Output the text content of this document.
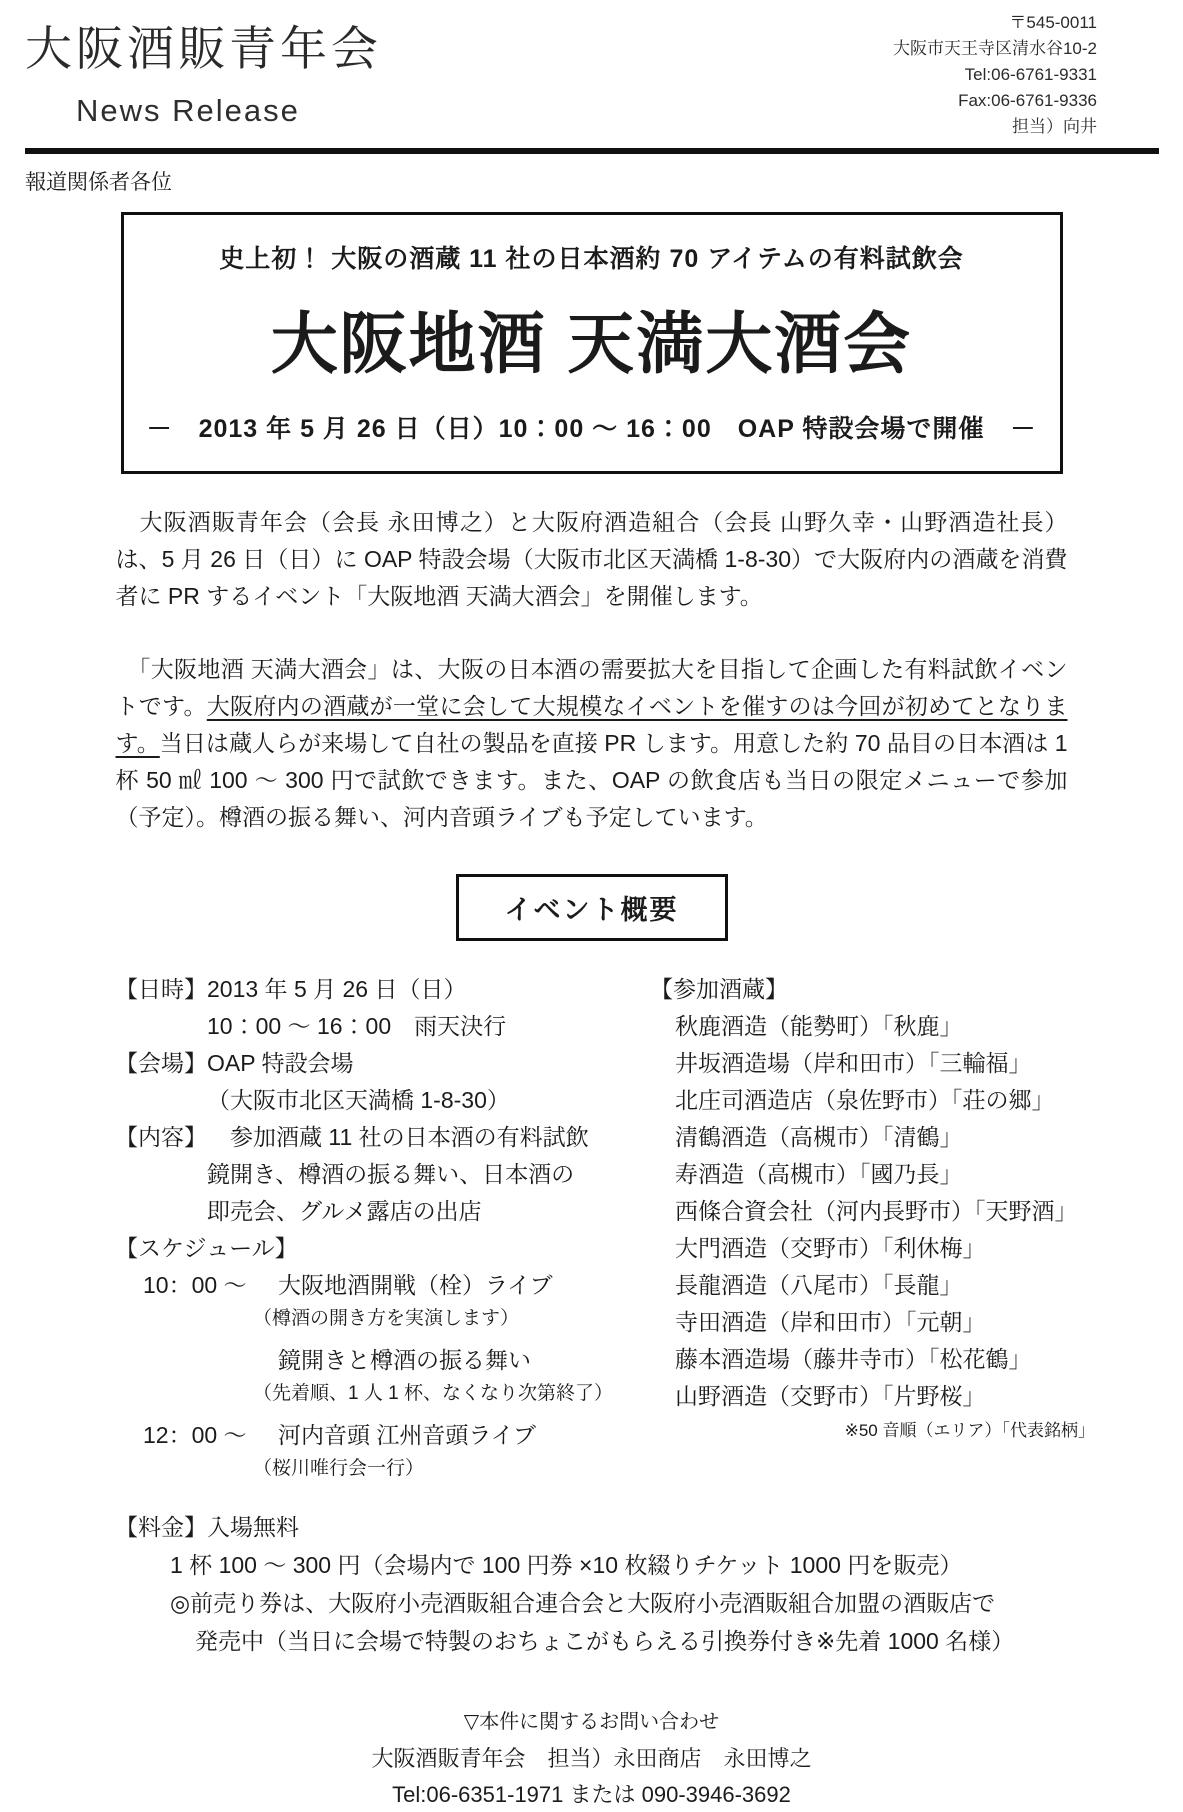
大阪酒販青年会
News Release
〒545-0011
大阪市天王寺区清水谷10-2
Tel:06-6761-9331
Fax:06-6761-9336
担当）向井
報道関係者各位
史上初！ 大阪の酒蔵 11 社の日本酒約 70 アイテムの有料試飲会
大阪地酒 天満大酒会
－　2013 年 5 月 26 日（日）10：00 ～ 16：00　OAP 特設会場で開催　－

　大阪酒販青年会（会長 永田博之）と大阪府酒造組合（会長 山野久幸・山野酒造社長）は、5 月 26 日（日）に OAP 特設会場（大阪市北区天満橋 1-8-30）で大阪府内の酒蔵を消費者に PR するイベント「大阪地酒 天満大酒会」を開催します。

　「大阪地酒 天満大酒会」は、大阪の日本酒の需要拡大を目指して企画した有料試飲イベントです。大阪府内の酒蔵が一堂に会して大規模なイベントを催すのは今回が初めてとなります。当日は蔵人らが来場して自社の製品を直接 PR します。用意した約 70 品目の日本酒は 1 杯 50 ㎖ 100 ～ 300 円で試飲できます。また、OAP の飲食店も当日の限定メニューで参加（予定）。樽酒の振る舞い、河内音頭ライブも予定しています。

イベント概要
【日時】 2013 年 5 月 26 日（日）
10：00 ～ 16：00　雨天決行
【会場】 OAP 特設会場
（大阪市北区天満橋 1-8-30）
【内容】 　参加酒蔵 11 社の日本酒の有料試飲
鏡開き、樽酒の振る舞い、日本酒の
即売会、グルメ露店の出店
【スケジュール】
10：00 ～	大阪地酒開戦（栓）ライブ
（樽酒の開き方を実演します）
鏡開きと樽酒の振る舞い
（先着順、1 人 1 杯、なくなり次第終了）
12：00 ～	河内音頭 江州音頭ライブ
（桜川唯行会一行）
【参加酒蔵】
秋鹿酒造（能勢町）「秋鹿」
井坂酒造場（岸和田市）「三輪福」
北庄司酒造店（泉佐野市）「荘の郷」
清鶴酒造（高槻市）「清鶴」
寿酒造（高槻市）「國乃長」
西條合資会社（河内長野市）「天野酒」
大門酒造（交野市）「利休梅」
長龍酒造（八尾市）「長龍」
寺田酒造（岸和田市）「元朝」
藤本酒造場（藤井寺市）「松花鶴」
山野酒造（交野市）「片野桜」
※50 音順（エリア）「代表銘柄」
【料金】 入場無料
1 杯 100 ～ 300 円（会場内で 100 円券 ×10 枚綴りチケット 1000 円を販売）
◎前売り券は、大阪府小売酒販組合連合会と大阪府小売酒販組合加盟の酒販店で
発売中（当日に会場で特製のおちょこがもらえる引換券付き※先着 1000 名様）
▽本件に関するお問い合わせ
大阪酒販青年会　担当）永田商店　永田博之
Tel:06-6351-1971 または 090-3946-3692
